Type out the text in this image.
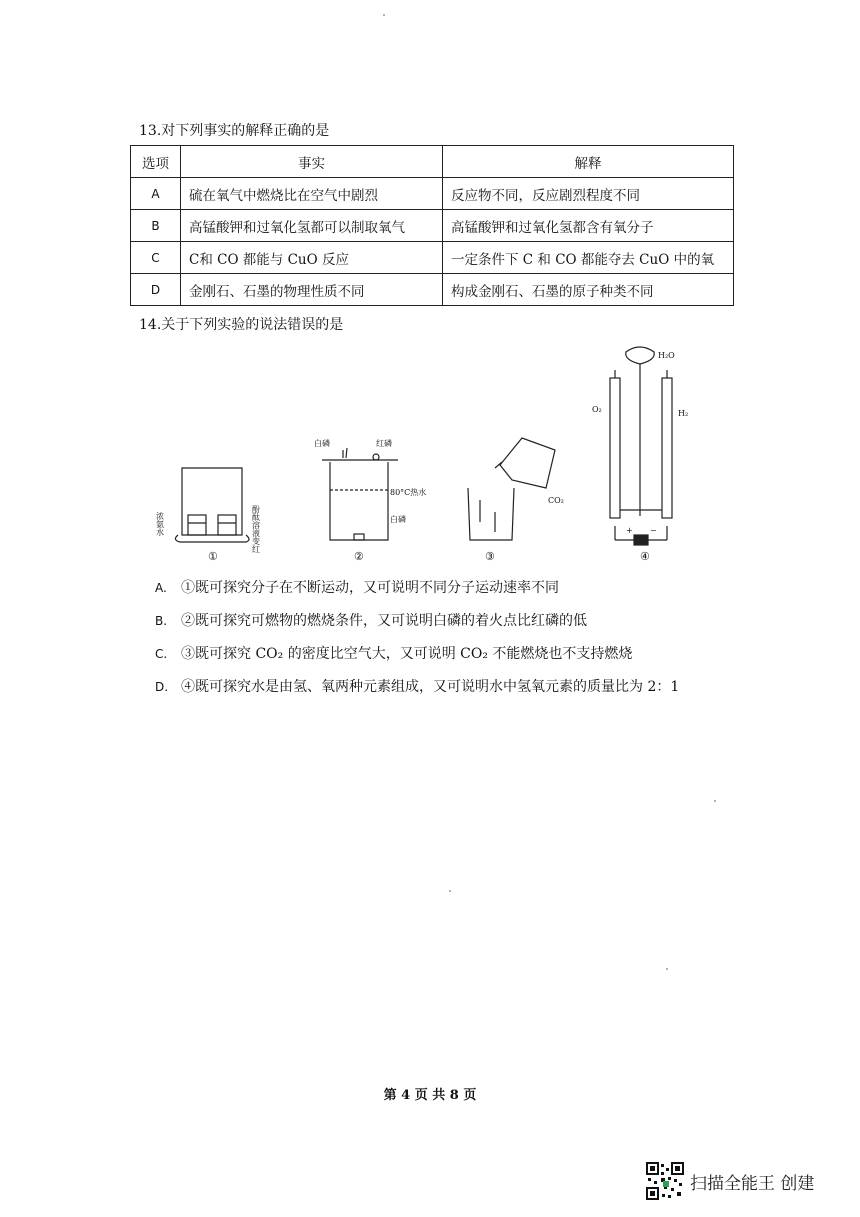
13.对下列事实的解释正确的是
选项	事实	解释
A	硫在氧气中燃烧比在空气中剧烈	反应物不同，反应剧烈程度不同
B	高锰酸钾和过氧化氢都可以制取氧气	高锰酸钾和过氧化氢都含有氧分子
C	C和 CO 都能与 CuO 反应	一定条件下 C 和 CO 都能夺去 CuO 中的氧
D	金刚石、石墨的物理性质不同	构成金刚石、石墨的原子种类不同
14.关于下列实验的说法错误的是
浓氨水	酚酞溶液变红
①
白磷	红磷
80°C热水
白磷
②
CO₂
③
H₂O
O₂	H₂
+ −
④
A. ①既可探究分子在不断运动，又可说明不同分子运动速率不同
B. ②既可探究可燃物的燃烧条件，又可说明白磷的着火点比红磷的低
C. ③既可探究 CO₂ 的密度比空气大，又可说明 CO₂ 不能燃烧也不支持燃烧
D. ④既可探究水是由氢、氧两种元素组成，又可说明水中氢氧元素的质量比为 2：1
第 4 页 共 8 页
扫描全能王 创建
